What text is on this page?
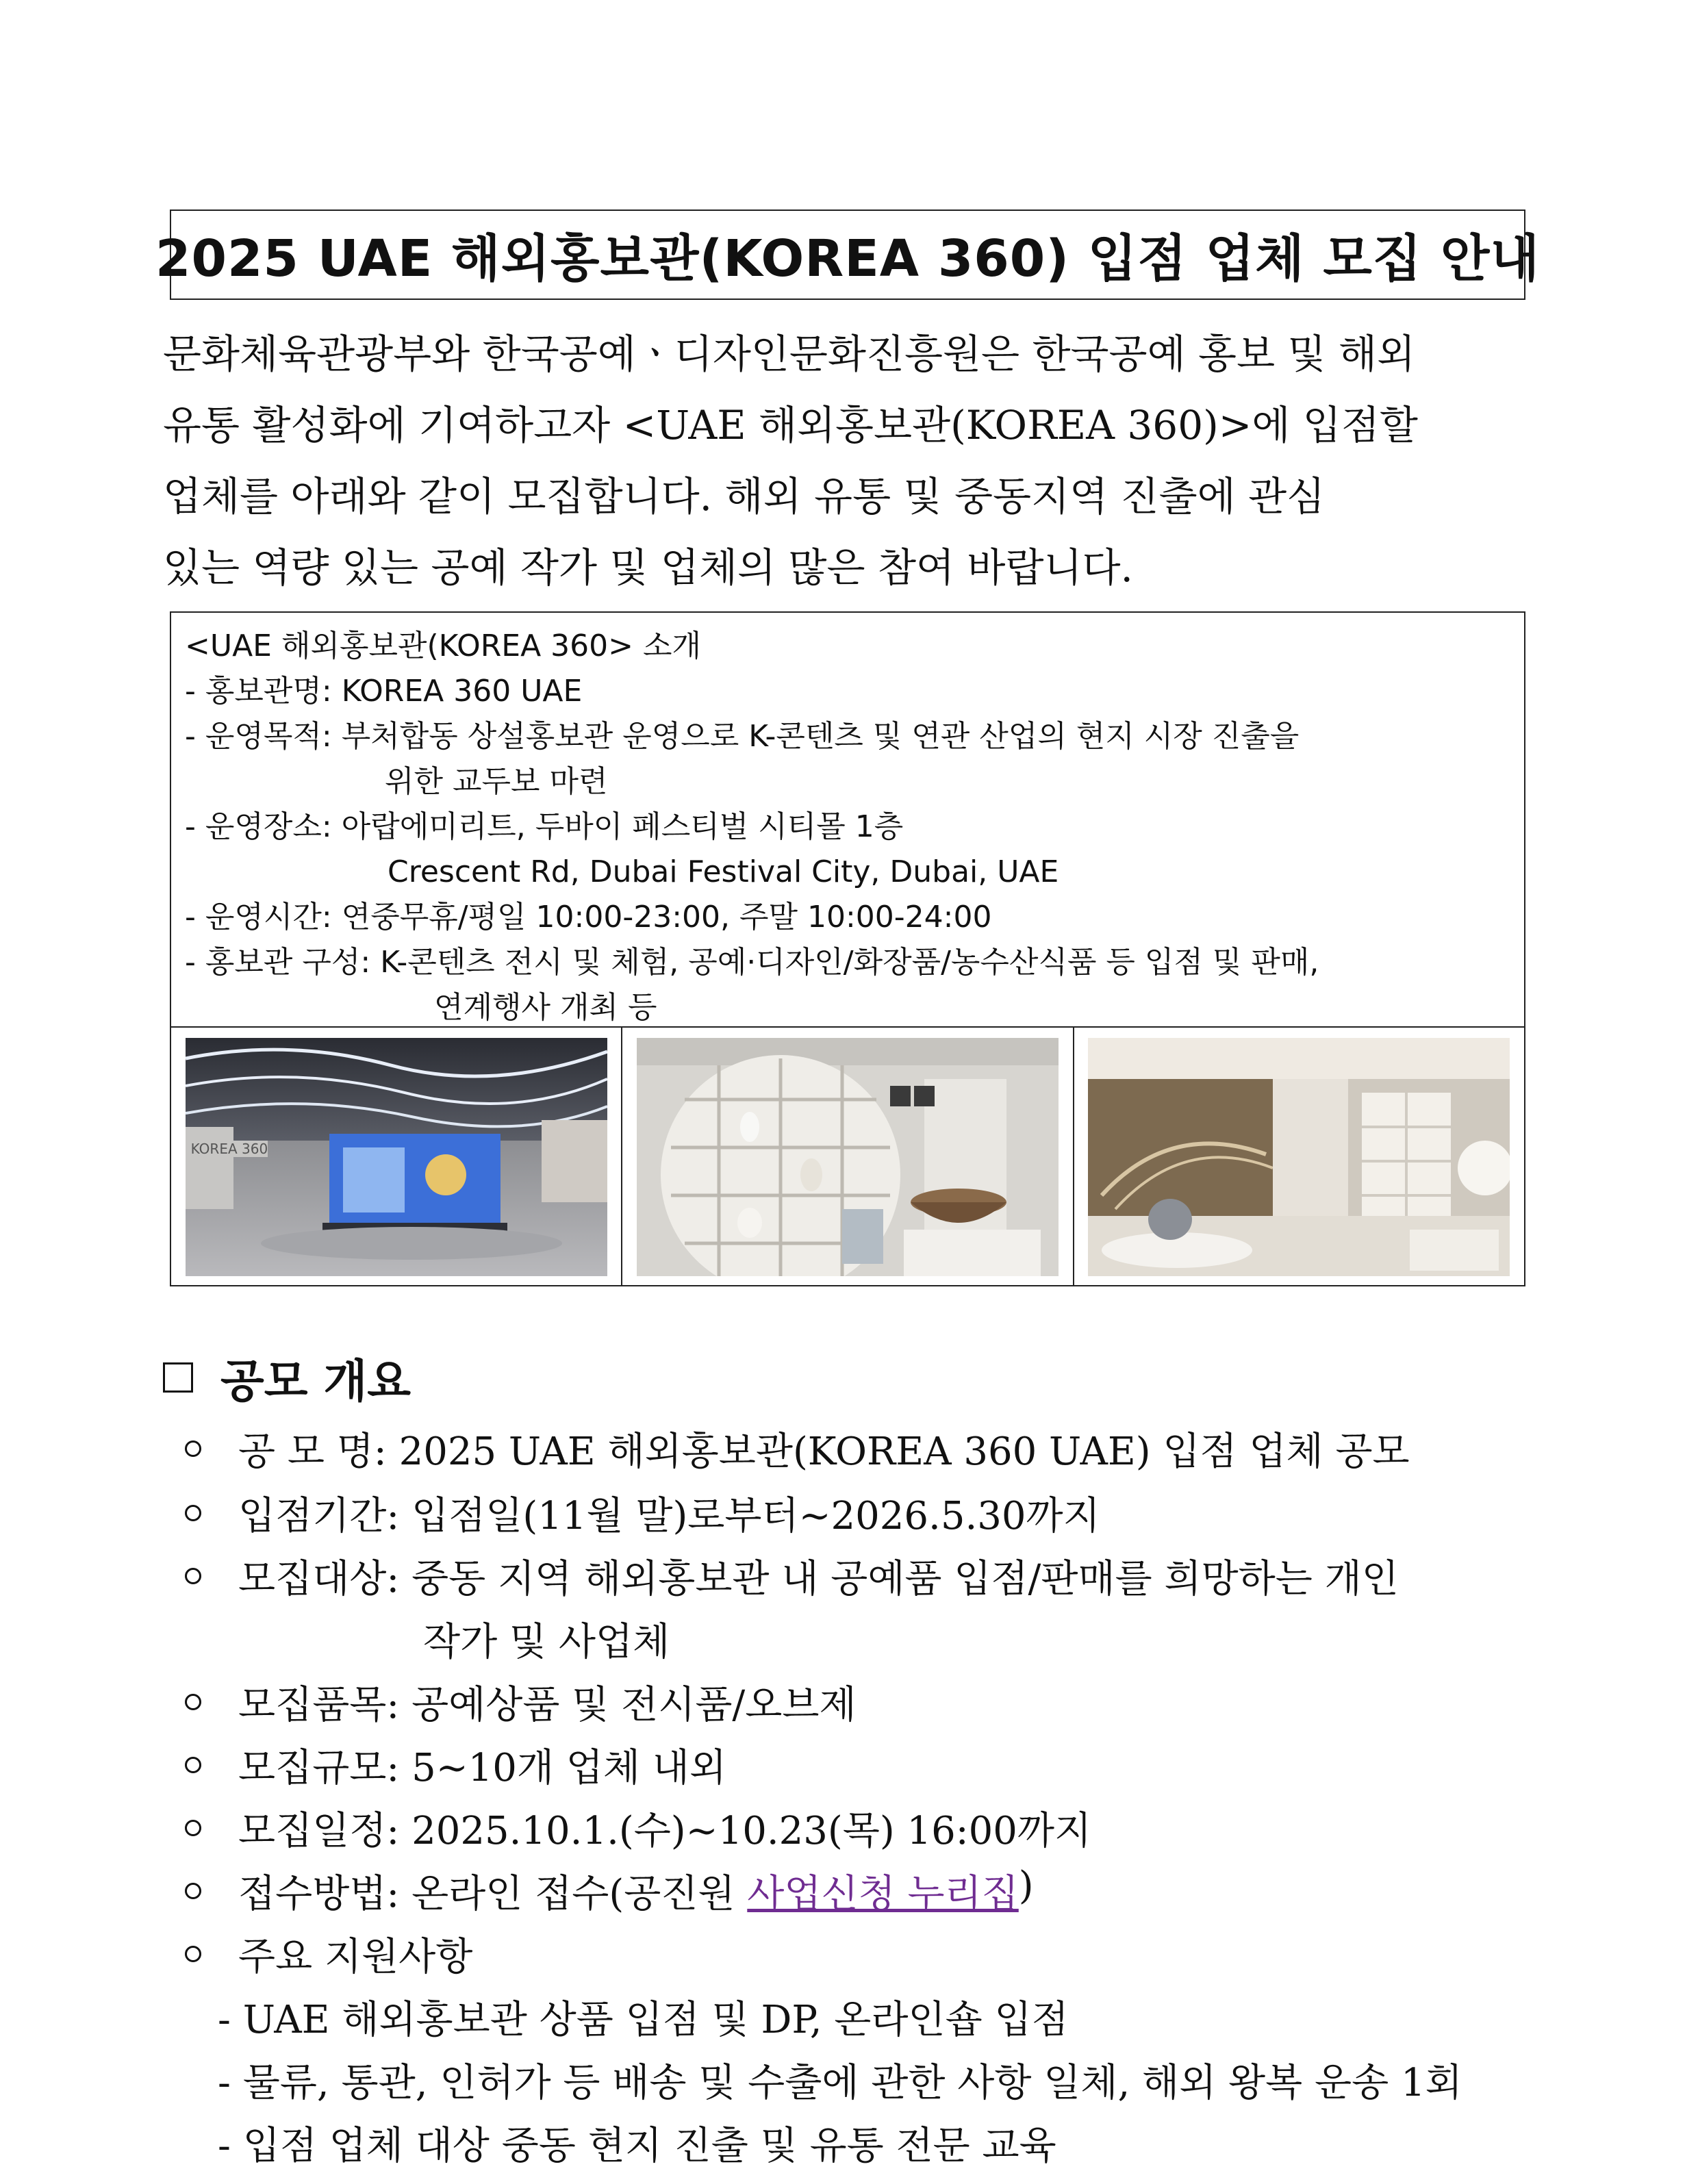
2025 UAE 해외홍보관(KOREA 360) 입점 업체 모집 안내
문화체육관광부와 한국공예ㆍ디자인문화진흥원은 한국공예 홍보 및 해외
유통 활성화에 기여하고자 <UAE 해외홍보관(KOREA 360)>에 입점할
업체를 아래와 같이 모집합니다. 해외 유통 및 중동지역 진출에 관심
있는 역량 있는 공예 작가 및 업체의 많은 참여 바랍니다.
<UAE 해외홍보관(KOREA 360> 소개
- 홍보관명: KOREA 360 UAE
- 운영목적: 부처합동 상설홍보관 운영으로 K-콘텐츠 및 연관 산업의 현지 시장 진출을
위한 교두보 마련
- 운영장소: 아랍에미리트, 두바이 페스티벌 시티몰 1층
Crescent Rd, Dubai Festival City, Dubai, UAE
- 운영시간: 연중무휴/평일 10:00-23:00, 주말 10:00-24:00
- 홍보관 구성: K-콘텐츠 전시 및 체험, 공예·디자인/화장품/농수산식품 등 입점 및 판매,
연계행사 개최 등
KOREA 360
공모 개요
공 모 명: 2025 UAE 해외홍보관(KOREA 360 UAE) 입점 업체 공모
입점기간: 입점일(11월 말)로부터~2026.5.30까지
모집대상: 중동 지역 해외홍보관 내 공예품 입점/판매를 희망하는 개인
작가 및 사업체
모집품목: 공예상품 및 전시품/오브제
모집규모: 5~10개 업체 내외
모집일정: 2025.10.1.(수)~10.23(목) 16:00까지
접수방법: 온라인 접수(공진원 사업신청 누리집 )
주요 지원사항
- UAE 해외홍보관 상품 입점 및 DP, 온라인숍 입점
- 물류, 통관, 인허가 등 배송 및 수출에 관한 사항 일체, 해외 왕복 운송 1회
- 입점 업체 대상 중동 현지 진출 및 유통 전문 교육
